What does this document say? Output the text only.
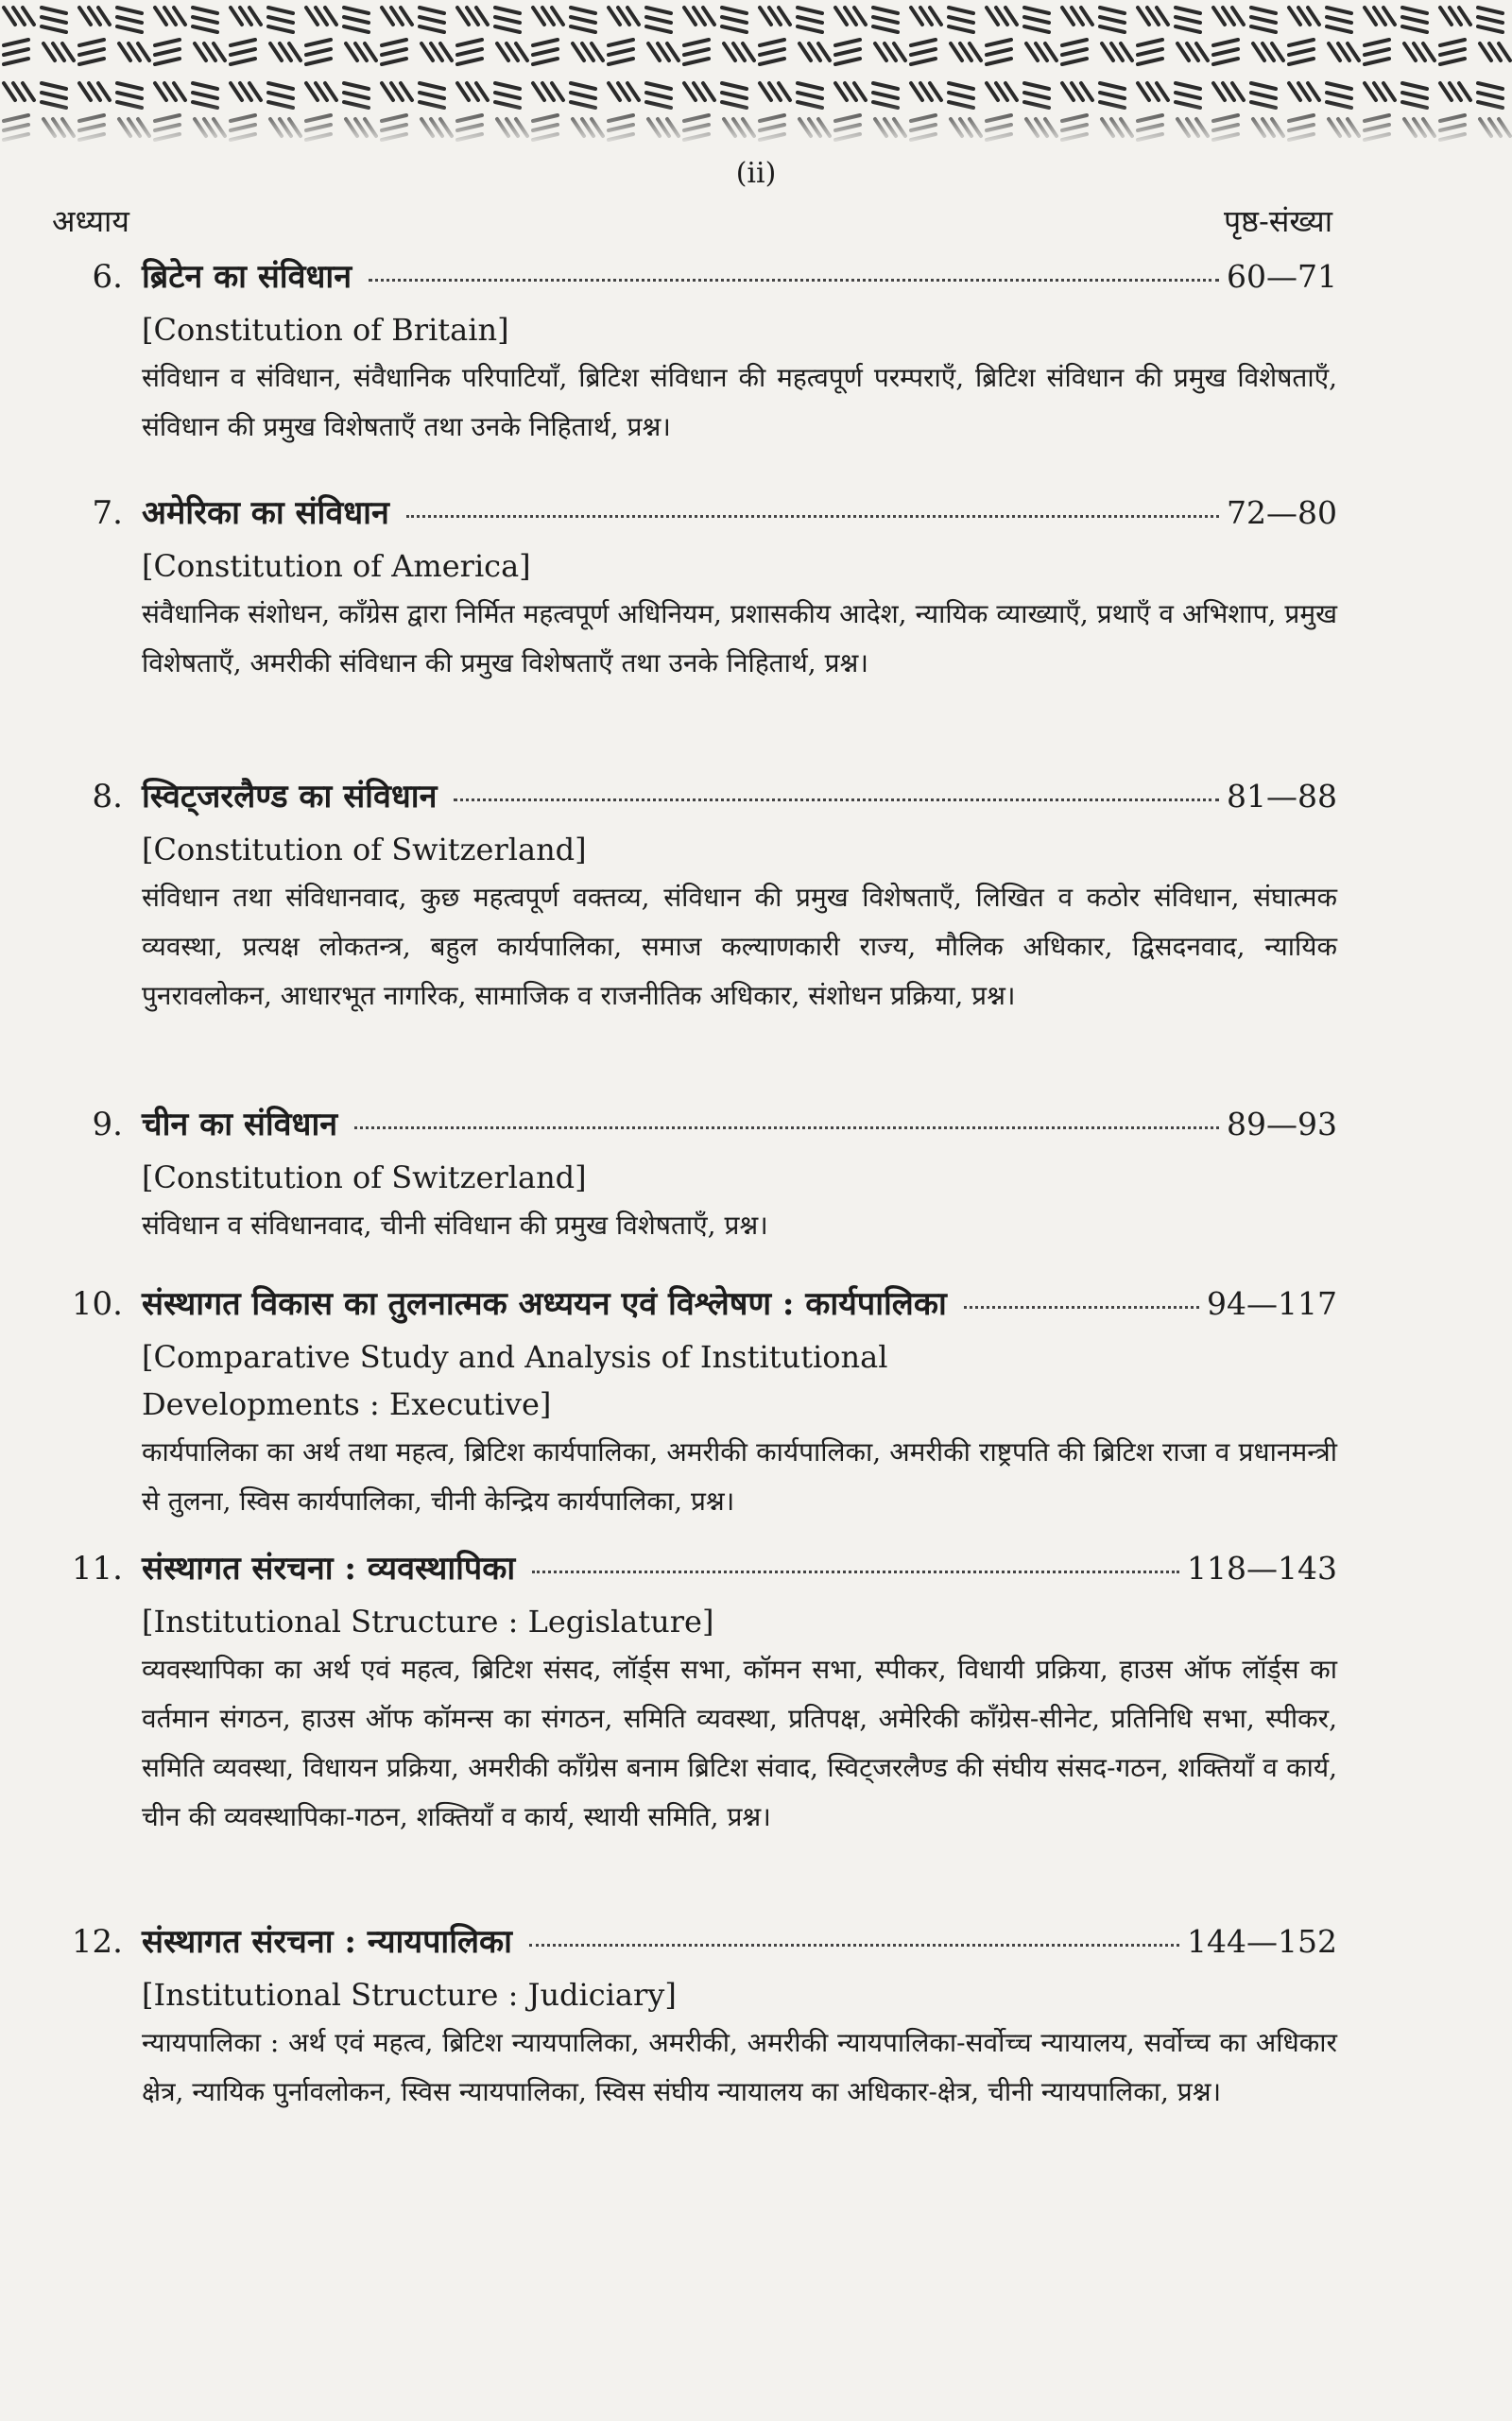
(ii)
अध्याय	पृष्ठ-संख्या
6. ब्रिटेन का संविधान	60—71
[Constitution of Britain]
संविधान व संविधान, संवैधानिक परिपाटियाँ, ब्रिटिश संविधान की महत्वपूर्ण परम्पराएँ, ब्रिटिश संविधान की प्रमुख विशेषताएँ, संविधान की प्रमुख विशेषताएँ तथा उनके निहितार्थ, प्रश्न।
7. अमेरिका का संविधान	72—80
[Constitution of America]
संवैधानिक संशोधन, काँग्रेस द्वारा निर्मित महत्वपूर्ण अधिनियम, प्रशासकीय आदेश, न्यायिक व्याख्याएँ, प्रथाएँ व अभिशाप, प्रमुख विशेषताएँ, अमरीकी संविधान की प्रमुख विशेषताएँ तथा उनके निहितार्थ, प्रश्न।
8. स्विट्जरलैण्ड का संविधान	81—88
[Constitution of Switzerland]
संविधान तथा संविधानवाद, कुछ महत्वपूर्ण वक्तव्य, संविधान की प्रमुख विशेषताएँ, लिखित व कठोर संविधान, संघात्मक व्यवस्था, प्रत्यक्ष लोकतन्त्र, बहुल कार्यपालिका, समाज कल्याणकारी राज्य, मौलिक अधिकार, द्विसदनवाद, न्यायिक पुनरावलोकन, आधारभूत नागरिक, सामाजिक व राजनीतिक अधिकार, संशोधन प्रक्रिया, प्रश्न।
9. चीन का संविधान	89—93
[Constitution of Switzerland]
संविधान व संविधानवाद, चीनी संविधान की प्रमुख विशेषताएँ, प्रश्न।
10. संस्थागत विकास का तुलनात्मक अध्ययन एवं विश्लेषण : कार्यपालिका	94—117
[Comparative Study and Analysis of Institutional Developments : Executive]
कार्यपालिका का अर्थ तथा महत्व, ब्रिटिश कार्यपालिका, अमरीकी कार्यपालिका, अमरीकी राष्ट्रपति की ब्रिटिश राजा व प्रधानमन्त्री से तुलना, स्विस कार्यपालिका, चीनी केन्द्रिय कार्यपालिका, प्रश्न।
11. संस्थागत संरचना : व्यवस्थापिका	118—143
[Institutional Structure : Legislature]
व्यवस्थापिका का अर्थ एवं महत्व, ब्रिटिश संसद, लॉर्ड्स सभा, कॉमन सभा, स्पीकर, विधायी प्रक्रिया, हाउस ऑफ लॉर्ड्स का वर्तमान संगठन, हाउस ऑफ कॉमन्स का संगठन, समिति व्यवस्था, प्रतिपक्ष, अमेरिकी काँग्रेस-सीनेट, प्रतिनिधि सभा, स्पीकर, समिति व्यवस्था, विधायन प्रक्रिया, अमरीकी काँग्रेस बनाम ब्रिटिश संवाद, स्विट्जरलैण्ड की संघीय संसद-गठन, शक्तियाँ व कार्य, चीन की व्यवस्थापिका-गठन, शक्तियाँ व कार्य, स्थायी समिति, प्रश्न।
12. संस्थागत संरचना : न्यायपालिका	144—152
[Institutional Structure : Judiciary]
न्यायपालिका : अर्थ एवं महत्व, ब्रिटिश न्यायपालिका, अमरीकी, अमरीकी न्यायपालिका-सर्वोच्च न्यायालय, सर्वोच्च का अधिकार क्षेत्र, न्यायिक पुर्नावलोकन, स्विस न्यायपालिका, स्विस संघीय न्यायालय का अधिकार-क्षेत्र, चीनी न्यायपालिका, प्रश्न।
